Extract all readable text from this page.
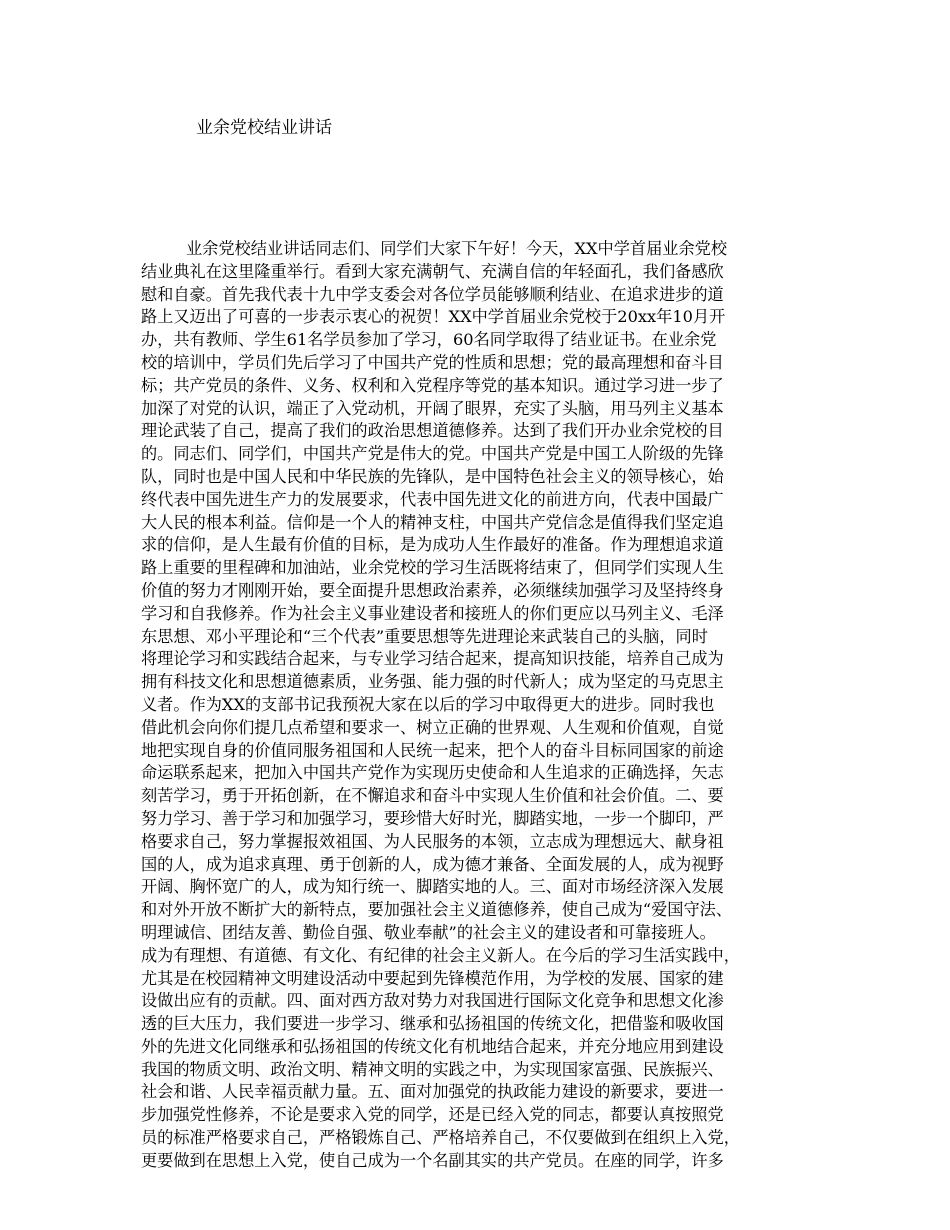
业余党校结业讲话
业余党校结业讲话同志们、同学们大家下午好！今天，XX中学首届业余党校
结业典礼在这里隆重举行。看到大家充满朝气、充满自信的年轻面孔，我们备感欣
慰和自豪。首先我代表十九中学支委会对各位学员能够顺利结业、在追求进步的道
路上又迈出了可喜的一步表示衷心的祝贺！XX中学首届业余党校于20xx年10月开
办，共有教师、学生61名学员参加了学习，60名同学取得了结业证书。在业余党
校的培训中，学员们先后学习了中国共产党的性质和思想；党的最高理想和奋斗目
标；共产党员的条件、义务、权利和入党程序等党的基本知识。通过学习进一步了
加深了对党的认识，端正了入党动机，开阔了眼界，充实了头脑，用马列主义基本
理论武装了自己，提高了我们的政治思想道德修养。达到了我们开办业余党校的目
的。同志们、同学们，中国共产党是伟大的党。中国共产党是中国工人阶级的先锋
队，同时也是中国人民和中华民族的先锋队，是中国特色社会主义的领导核心，始
终代表中国先进生产力的发展要求，代表中国先进文化的前进方向，代表中国最广
大人民的根本利益。信仰是一个人的精神支柱，中国共产党信念是值得我们坚定追
求的信仰，是人生最有价值的目标，是为成功人生作最好的准备。作为理想追求道
路上重要的里程碑和加油站，业余党校的学习生活既将结束了，但同学们实现人生
价值的努力才刚刚开始，要全面提升思想政治素养，必须继续加强学习及坚持终身
学习和自我修养。作为社会主义事业建设者和接班人的你们更应以马列主义、毛泽
东思想、邓小平理论和“三个代表”重要思想等先进理论来武装自己的头脑，同时
将理论学习和实践结合起来，与专业学习结合起来，提高知识技能，培养自己成为
拥有科技文化和思想道德素质，业务强、能力强的时代新人；成为坚定的马克思主
义者。作为XX的支部书记我预祝大家在以后的学习中取得更大的进步。同时我也
借此机会向你们提几点希望和要求一、树立正确的世界观、人生观和价值观，自觉
地把实现自身的价值同服务祖国和人民统一起来，把个人的奋斗目标同国家的前途
命运联系起来，把加入中国共产党作为实现历史使命和人生追求的正确选择，矢志
刻苦学习，勇于开拓创新，在不懈追求和奋斗中实现人生价值和社会价值。二、要
努力学习、善于学习和加强学习，要珍惜大好时光，脚踏实地，一步一个脚印，严
格要求自己，努力掌握报效祖国、为人民服务的本领，立志成为理想远大、献身祖
国的人，成为追求真理、勇于创新的人，成为德才兼备、全面发展的人，成为视野
开阔、胸怀宽广的人，成为知行统一、脚踏实地的人。三、面对市场经济深入发展
和对外开放不断扩大的新特点，要加强社会主义道德修养，使自己成为“爱国守法、
明理诚信、团结友善、勤俭自强、敬业奉献”的社会主义的建设者和可靠接班人。
成为有理想、有道德、有文化、有纪律的社会主义新人。在今后的学习生活实践中，
尤其是在校园精神文明建设活动中要起到先锋模范作用，为学校的发展、国家的建
设做出应有的贡献。四、面对西方敌对势力对我国进行国际文化竞争和思想文化渗
透的巨大压力，我们要进一步学习、继承和弘扬祖国的传统文化，把借鉴和吸收国
外的先进文化同继承和弘扬祖国的传统文化有机地结合起来，并充分地应用到建设
我国的物质文明、政治文明、精神文明的实践之中，为实现国家富强、民族振兴、
社会和谐、人民幸福贡献力量。五、面对加强党的执政能力建设的新要求，要进一
步加强党性修养，不论是要求入党的同学，还是已经入党的同志，都要认真按照党
员的标准严格要求自己，严格锻炼自己、严格培养自己，不仅要做到在组织上入党，
更要做到在思想上入党，使自己成为一个名副其实的共产党员。在座的同学，许多
